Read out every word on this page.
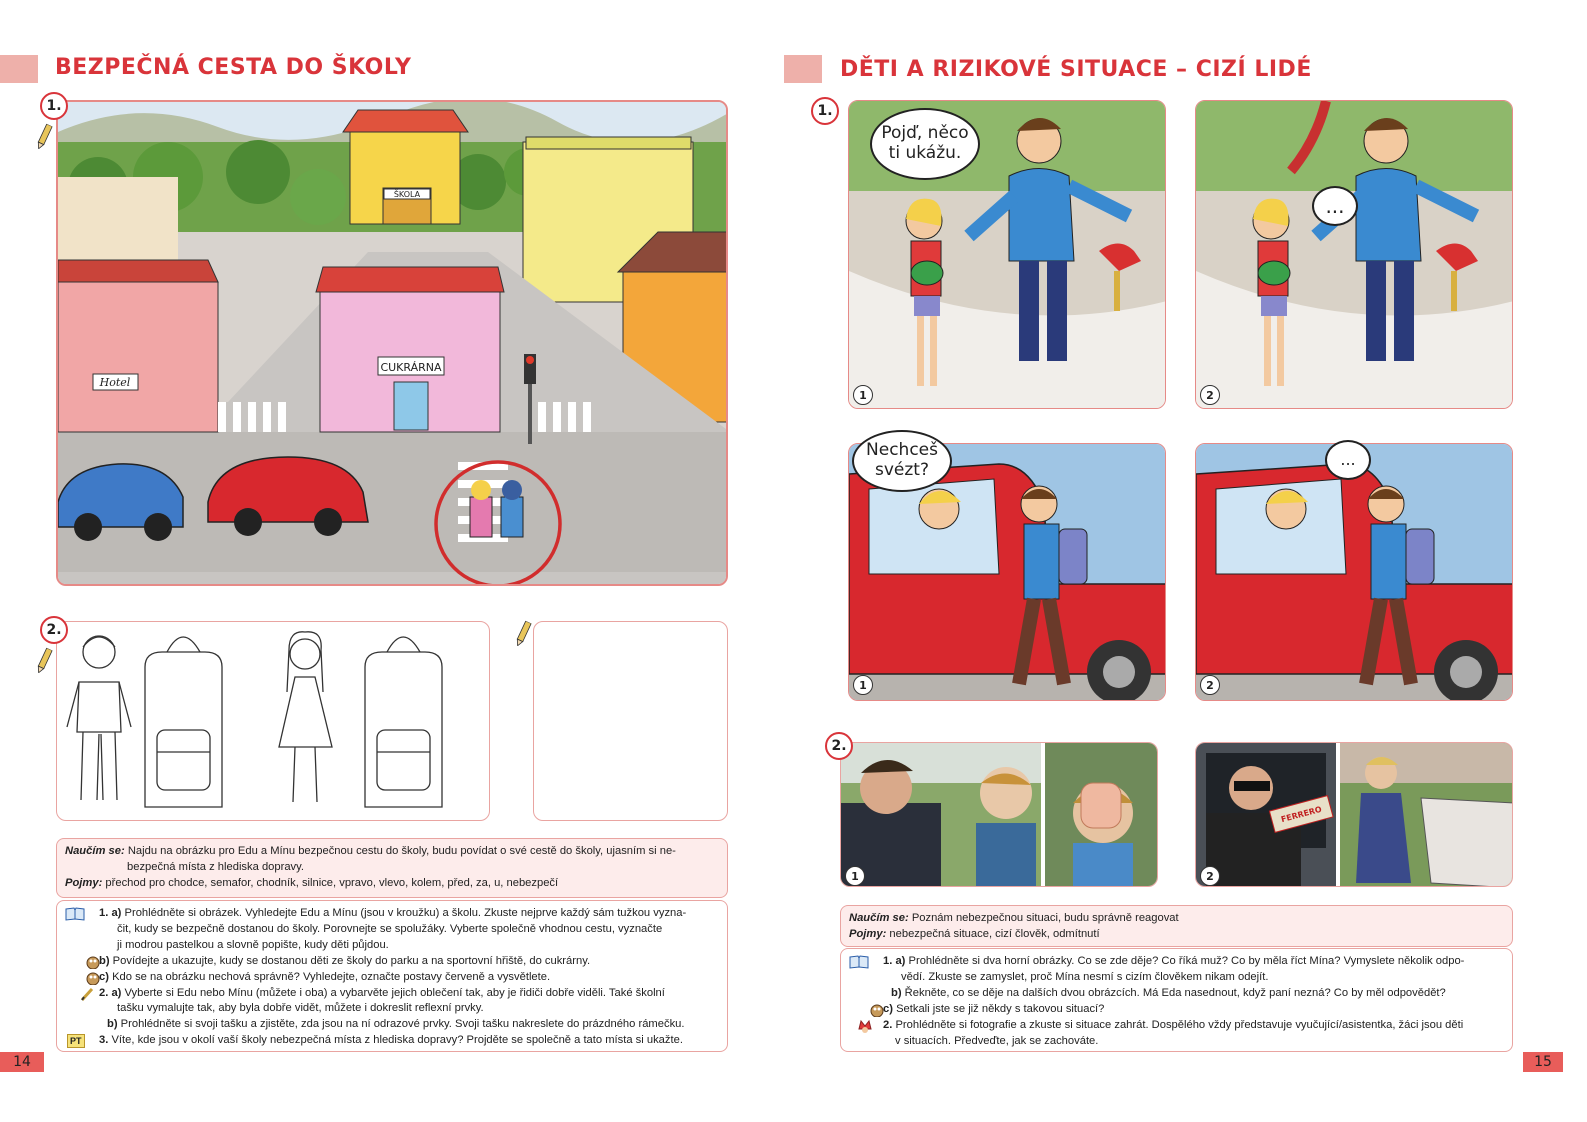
BEZPEČNÁ CESTA DO ŠKOLY
1.
ŠKOLA
Hotel
CUKRÁRNA
2.
Naučím se: Najdu na obrázku pro Edu a Mínu bezpečnou cestu do školy, budu povídat o své cestě do školy, ujasním si ne-
bezpečná místa z hlediska dopravy.
Pojmy: přechod pro chodce, semafor, chodník, silnice, vpravo, vlevo, kolem, před, za, u, nebezpečí
1. a) Prohlédněte si obrázek. Vyhledejte Edu a Mínu (jsou v kroužku) a školu. Zkuste nejprve každý sám tužkou vyzna-
čit, kudy se bezpečně dostanou do školy. Porovnejte se spolužáky. Vyberte společně vhodnou cestu, vyznačte
ji modrou pastelkou a slovně popište, kudy děti půjdou.
b) Povídejte a ukazujte, kudy se dostanou děti ze školy do parku a na sportovní hřiště, do cukrárny.
c) Kdo se na obrázku nechová správně? Vyhledejte, označte postavy červeně a vysvětlete.
2. a) Vyberte si Edu nebo Mínu (můžete i oba) a vybarvěte jejich oblečení tak, aby je řidiči dobře viděli. Také školní
tašku vymalujte tak, aby byla dobře vidět, můžete i dokreslit reflexní prvky.
b) Prohlédněte si svoji tašku a zjistěte, zda jsou na ní odrazové prvky. Svoji tašku nakreslete do prázdného rámečku.
PT 3. Víte, kde jsou v okolí vaší školy nebezpečná místa z hlediska dopravy? Projděte se společně a tato místa si ukažte.
14
DĚTI A RIZIKOVÉ SITUACE – CIZÍ LIDÉ
1.
Pojď, něco ti ukážu.
1
...
2
Nechceš svézt?
1
...
2
2.
1
FERRERO
2
Naučím se: Poznám nebezpečnou situaci, budu správně reagovat
Pojmy: nebezpečná situace, cizí člověk, odmítnutí
1. a) Prohlédněte si dva horní obrázky. Co se zde děje? Co říká muž? Co by měla říct Mína? Vymyslete několik odpo-
vědí. Zkuste se zamyslet, proč Mína nesmí s cizím člověkem nikam odejít.
b) Řekněte, co se děje na dalších dvou obrázcích. Má Eda nasednout, když paní nezná? Co by měl odpovědět?
c) Setkali jste se již někdy s takovou situací?
2. Prohlédněte si fotografie a zkuste si situace zahrát. Dospělého vždy představuje vyučující/asistentka, žáci jsou děti
v situacích. Předveďte, jak se zachováte.
15
